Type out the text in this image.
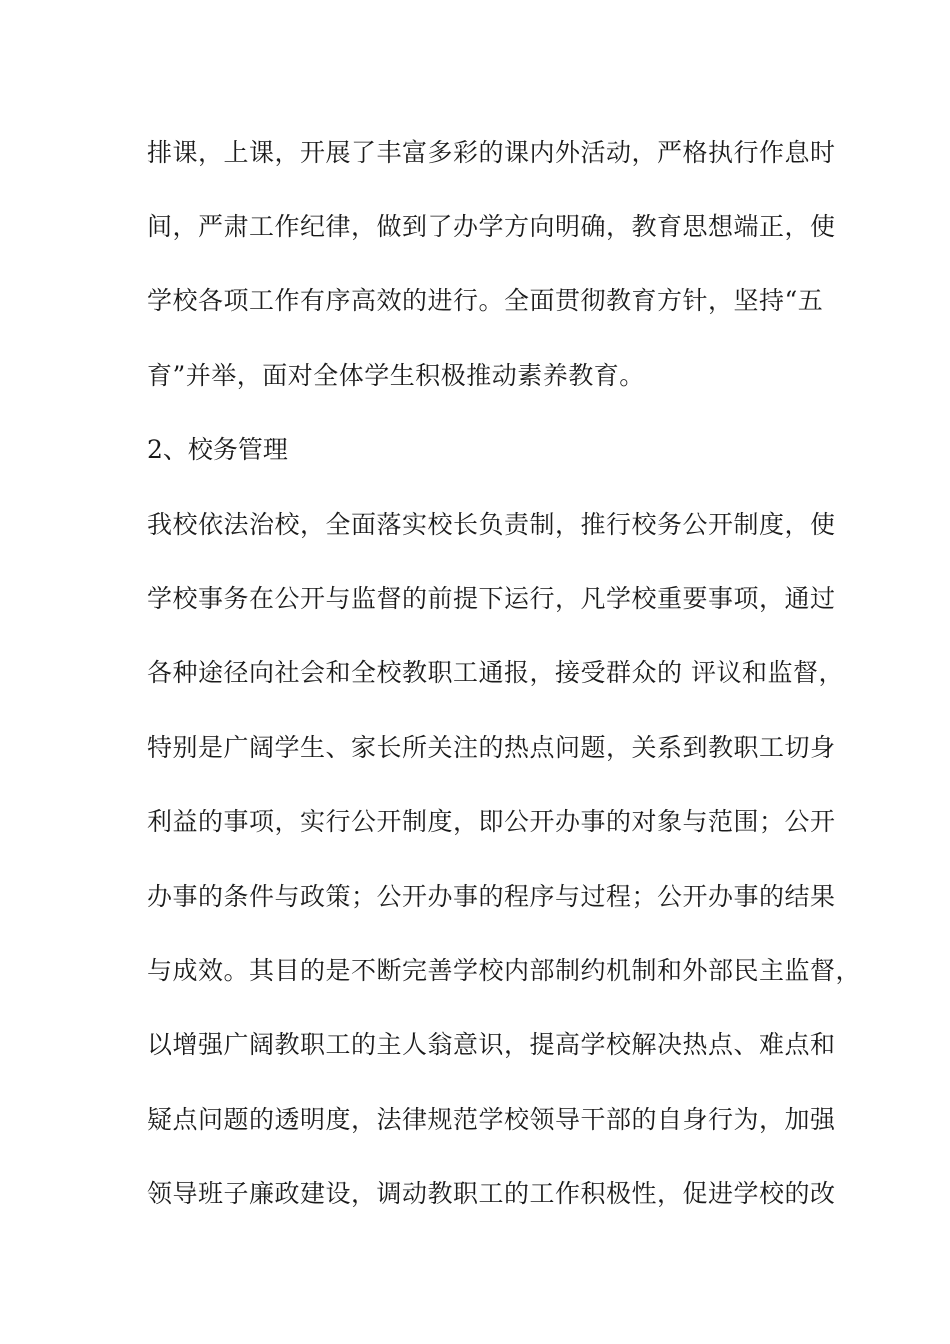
排课，上课，开展了丰富多彩的课内外活动，严格执行作息时
间，严肃工作纪律，做到了办学方向明确，教育思想端正，使
学校各项工作有序高效的进行。全面贯彻教育方针，坚持“五
育”并举，面对全体学生积极推动素养教育。
2、校务管理
我校依法治校，全面落实校长负责制，推行校务公开制度，使
学校事务在公开与监督的前提下运行，凡学校重要事项，通过
各种途径向社会和全校教职工通报，接受群众的 评议和监督，
特别是广阔学生、家长所关注的热点问题，关系到教职工切身
利益的事项，实行公开制度，即公开办事的对象与范围；公开
办事的条件与政策；公开办事的程序与过程；公开办事的结果
与成效。其目的是不断完善学校内部制约机制和外部民主监督，
以增强广阔教职工的主人翁意识，提高学校解决热点、难点和
疑点问题的透明度，法律规范学校领导干部的自身行为，加强
领导班子廉政建设，调动教职工的工作积极性，促进学校的改
